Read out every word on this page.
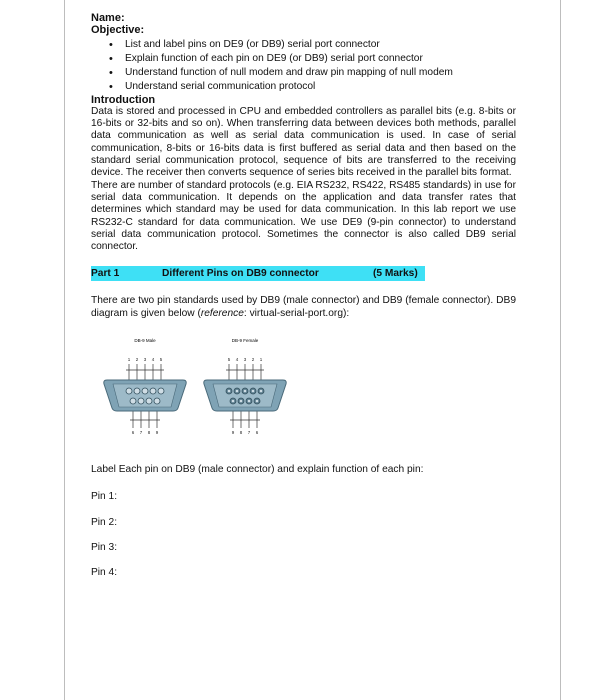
Name:
Objective:
• List and label pins on DE9 (or DB9) serial port connector
• Explain function of each pin on DE9 (or DB9) serial port connector
• Understand function of null modem and draw pin mapping of null modem
• Understand serial communication protocol
Introduction

Data is stored and processed in CPU and embedded controllers as parallel bits (e.g. 8-bits or 16-bits or 32-bits and so on). When transferring data between devices both methods, parallel data communication as well as serial data communication is used. In case of serial communication, 8-bits or 16-bits data is first buffered as serial data and then based on the standard serial communication protocol, sequence of bits are transferred to the receiving device. The receiver then converts sequence of series bits received in the parallel bits format.

There are number of standard protocols (e.g. EIA RS232, RS422, RS485 standards) in use for serial data communication. It depends on the application and data transfer rates that determines which standard may be used for data communication. In this lab report we use RS232-C standard for data communication. We use DE9 (9-pin connector) to understand serial data communication protocol. Sometimes the connector is also called DB9 serial connector.

Part 1	Different Pins on DB9 connector	(5 Marks)

There are two pin standards used by DB9 (male connector) and DB9 (female connector). DB9 diagram is given below (reference: virtual-serial-port.org):

DB-9 Male	DB-9 Female
1 2 3 4 5
6 7 8 9
5 4 3 2 1
9 8 7 6
Label Each pin on DB9 (male connector) and explain function of each pin:
Pin 1:
Pin 2:
Pin 3:
Pin 4:
